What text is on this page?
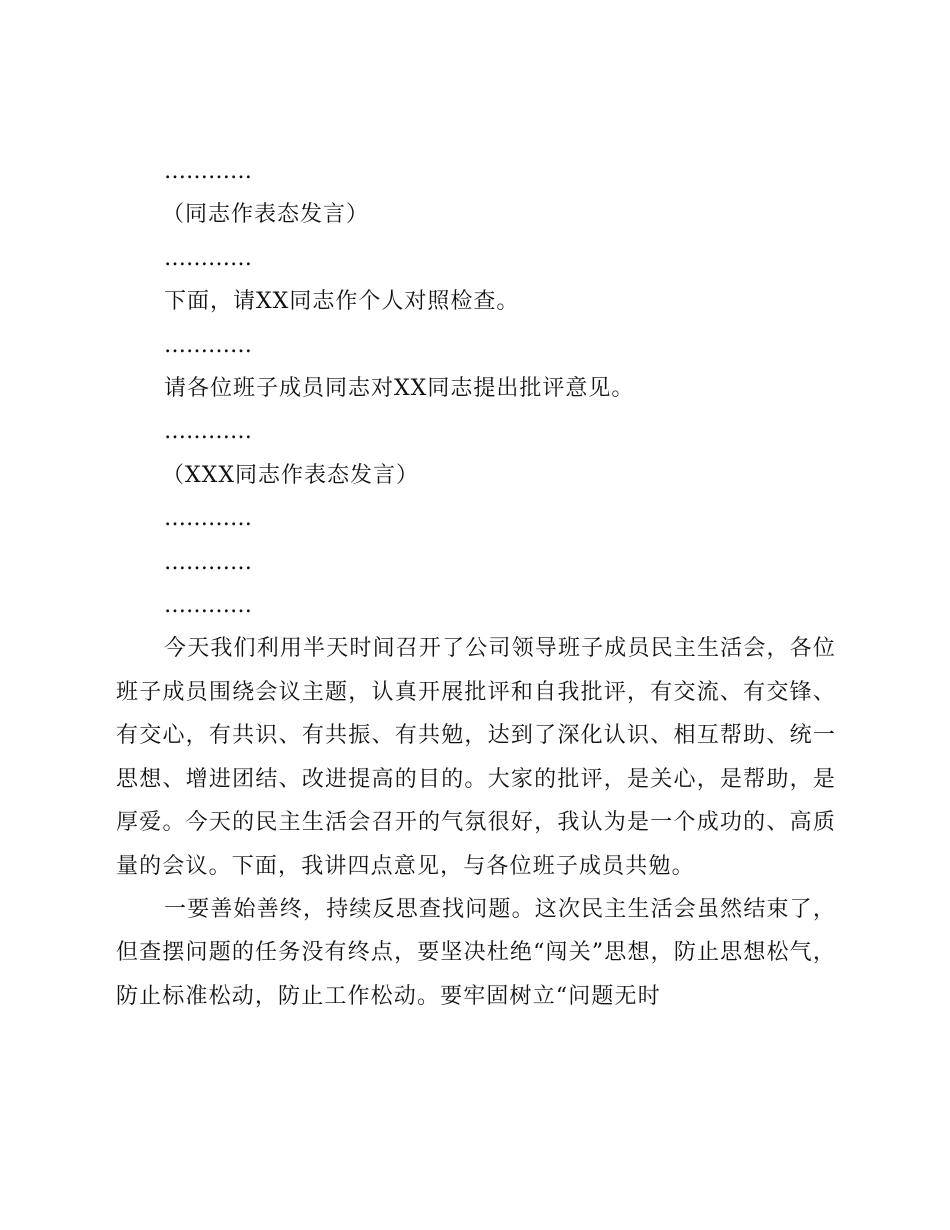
…………

（同志作表态发言）

…………

下面，请XX同志作个人对照检查。

…………

请各位班子成员同志对XX同志提出批评意见。

…………

（XXX同志作表态发言）

…………

…………

…………

今天我们利用半天时间召开了公司领导班子成员民主生活会，各位班子成员围绕会议主题，认真开展批评和自我批评，有交流、有交锋、有交心，有共识、有共振、有共勉，达到了深化认识、相互帮助、统一思想、增进团结、改进提高的目的。大家的批评，是关心，是帮助，是厚爱。今天的民主生活会召开的气氛很好，我认为是一个成功的、高质量的会议。下面，我讲四点意见，与各位班子成员共勉。

一要善始善终，持续反思查找问题。这次民主生活会虽然结束了，但查摆问题的任务没有终点，要坚决杜绝“闯关”思想，防止思想松气，防止标准松动，防止工作松动。要牢固树立“问题无时
